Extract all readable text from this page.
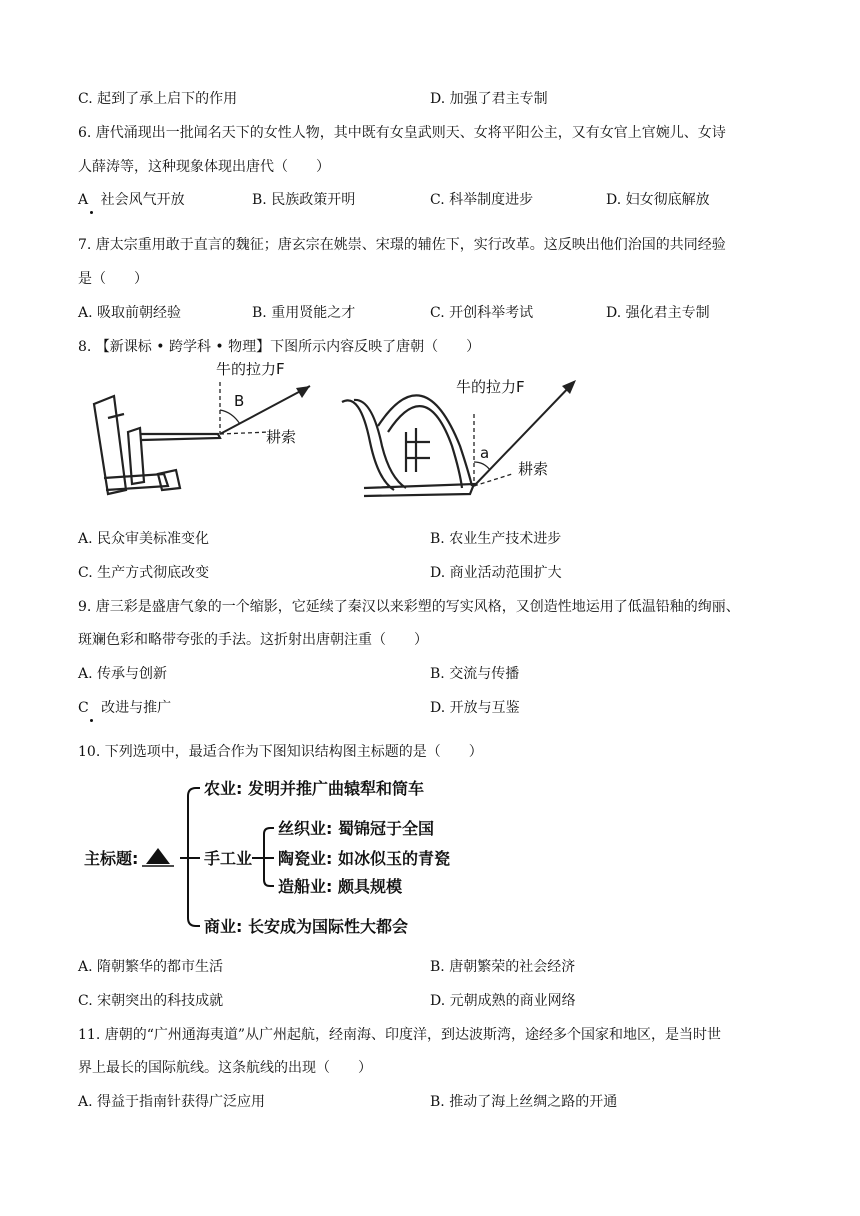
C. 起到了承上启下的作用	D. 加强了君主专制
6. 唐代涌现出一批闻名天下的女性人物，其中既有女皇武则天、女将平阳公主，又有女官上官婉儿、女诗
人薛涛等，这种现象体现出唐代（　　）
A 社会风气开放	B. 民族政策开明	C. 科举制度进步	D. 妇女彻底解放
7. 唐太宗重用敢于直言的魏征；唐玄宗在姚崇、宋璟的辅佐下，实行改革。这反映出他们治国的共同经验
是（　　）
A. 吸取前朝经验	B. 重用贤能之才	C. 开创科举考试	D. 强化君主专制
8. 【新课标 • 跨学科 • 物理】下图所示内容反映了唐朝（　　）
牛的拉力F
B
耕索
牛的拉力F
a
耕索
A. 民众审美标准变化	B. 农业生产技术进步
C. 生产方式彻底改变	D. 商业活动范围扩大
9. 唐三彩是盛唐气象的一个缩影，它延续了秦汉以来彩塑的写实风格，又创造性地运用了低温铅釉的绚丽、
斑斓色彩和略带夸张的手法。这折射出唐朝注重（　　）
A. 传承与创新	B. 交流与传播
C 改进与推广	D. 开放与互鉴
10. 下列选项中，最适合作为下图知识结构图主标题的是（　　）
主标题:
农业: 发明并推广曲辕犁和筒车
手工业
丝织业: 蜀锦冠于全国
陶瓷业: 如冰似玉的青瓷
造船业: 颇具规模
商业: 长安成为国际性大都会
A. 隋朝繁华的都市生活	B. 唐朝繁荣的社会经济
C. 宋朝突出的科技成就	D. 元朝成熟的商业网络
11. 唐朝的“广州通海夷道”从广州起航，经南海、印度洋，到达波斯湾，途经多个国家和地区，是当时世
界上最长的国际航线。这条航线的出现（　　）
A. 得益于指南针获得广泛应用	B. 推动了海上丝绸之路的开通
